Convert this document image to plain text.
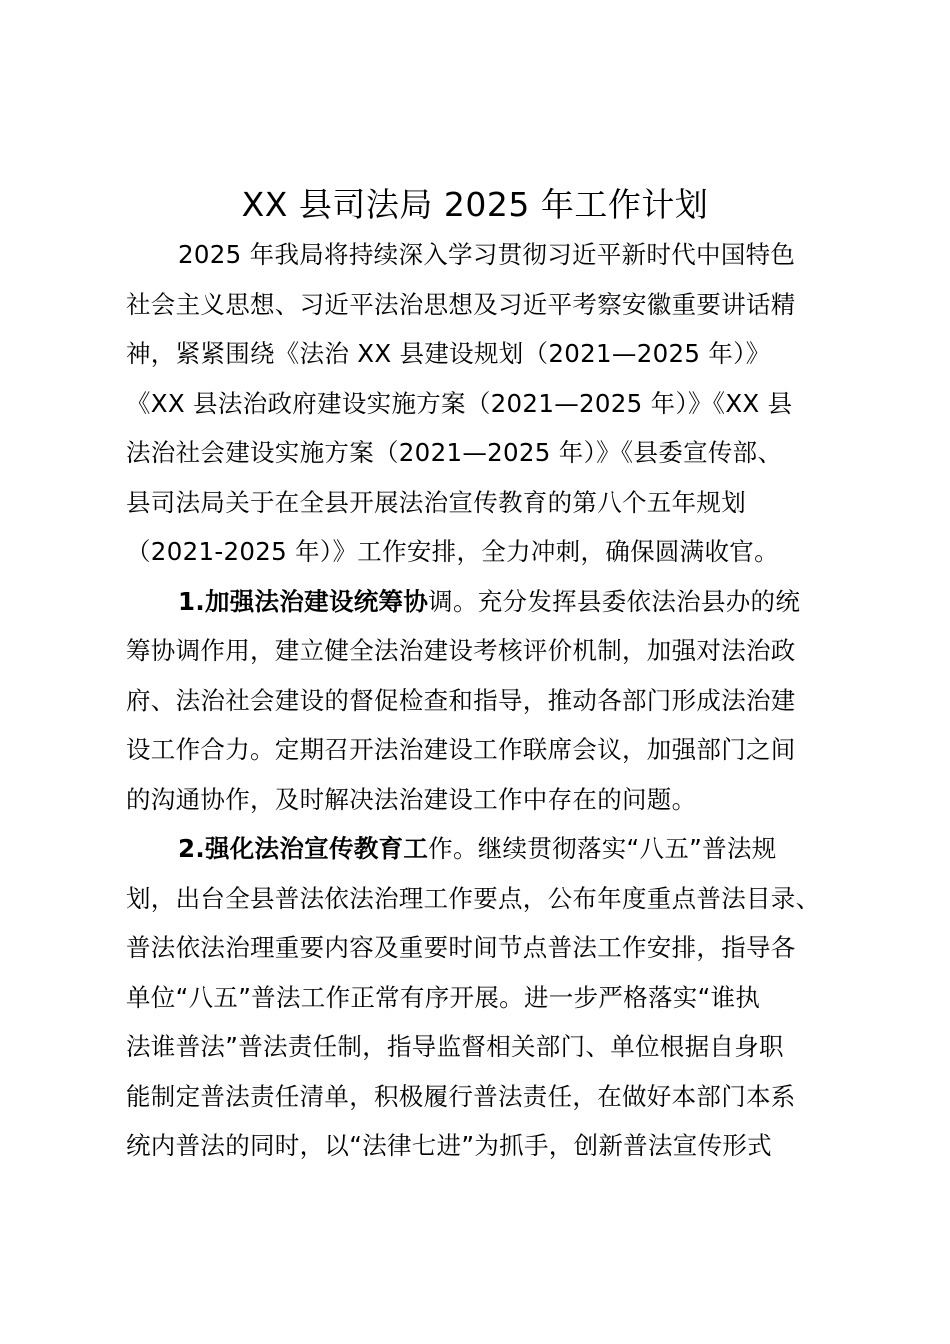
XX 县司法局 2025 年工作计划
2025 年我局将持续深入学习贯彻习近平新时代中国特色
社会主义思想、习近平法治思想及习近平考察安徽重要讲话精
神，紧紧围绕《法治 XX 县建设规划（2021—2025 年）》
《XX 县法治政府建设实施方案（2021—2025 年）》《XX 县
法治社会建设实施方案（2021—2025 年）》《县委宣传部、
县司法局关于在全县开展法治宣传教育的第八个五年规划
（2021-2025 年）》工作安排，全力冲刺，确保圆满收官。
1.加强法治建设统筹协调。充分发挥县委依法治县办的统
筹协调作用，建立健全法治建设考核评价机制，加强对法治政
府、法治社会建设的督促检查和指导，推动各部门形成法治建
设工作合力。定期召开法治建设工作联席会议，加强部门之间
的沟通协作，及时解决法治建设工作中存在的问题。
2.强化法治宣传教育工作。继续贯彻落实“八五”普法规
划，出台全县普法依法治理工作要点，公布年度重点普法目录、
普法依法治理重要内容及重要时间节点普法工作安排，指导各
单位“八五”普法工作正常有序开展。进一步严格落实“谁执
法谁普法”普法责任制，指导监督相关部门、单位根据自身职
能制定普法责任清单，积极履行普法责任，在做好本部门本系
统内普法的同时，以“法律七进”为抓手，创新普法宣传形式
